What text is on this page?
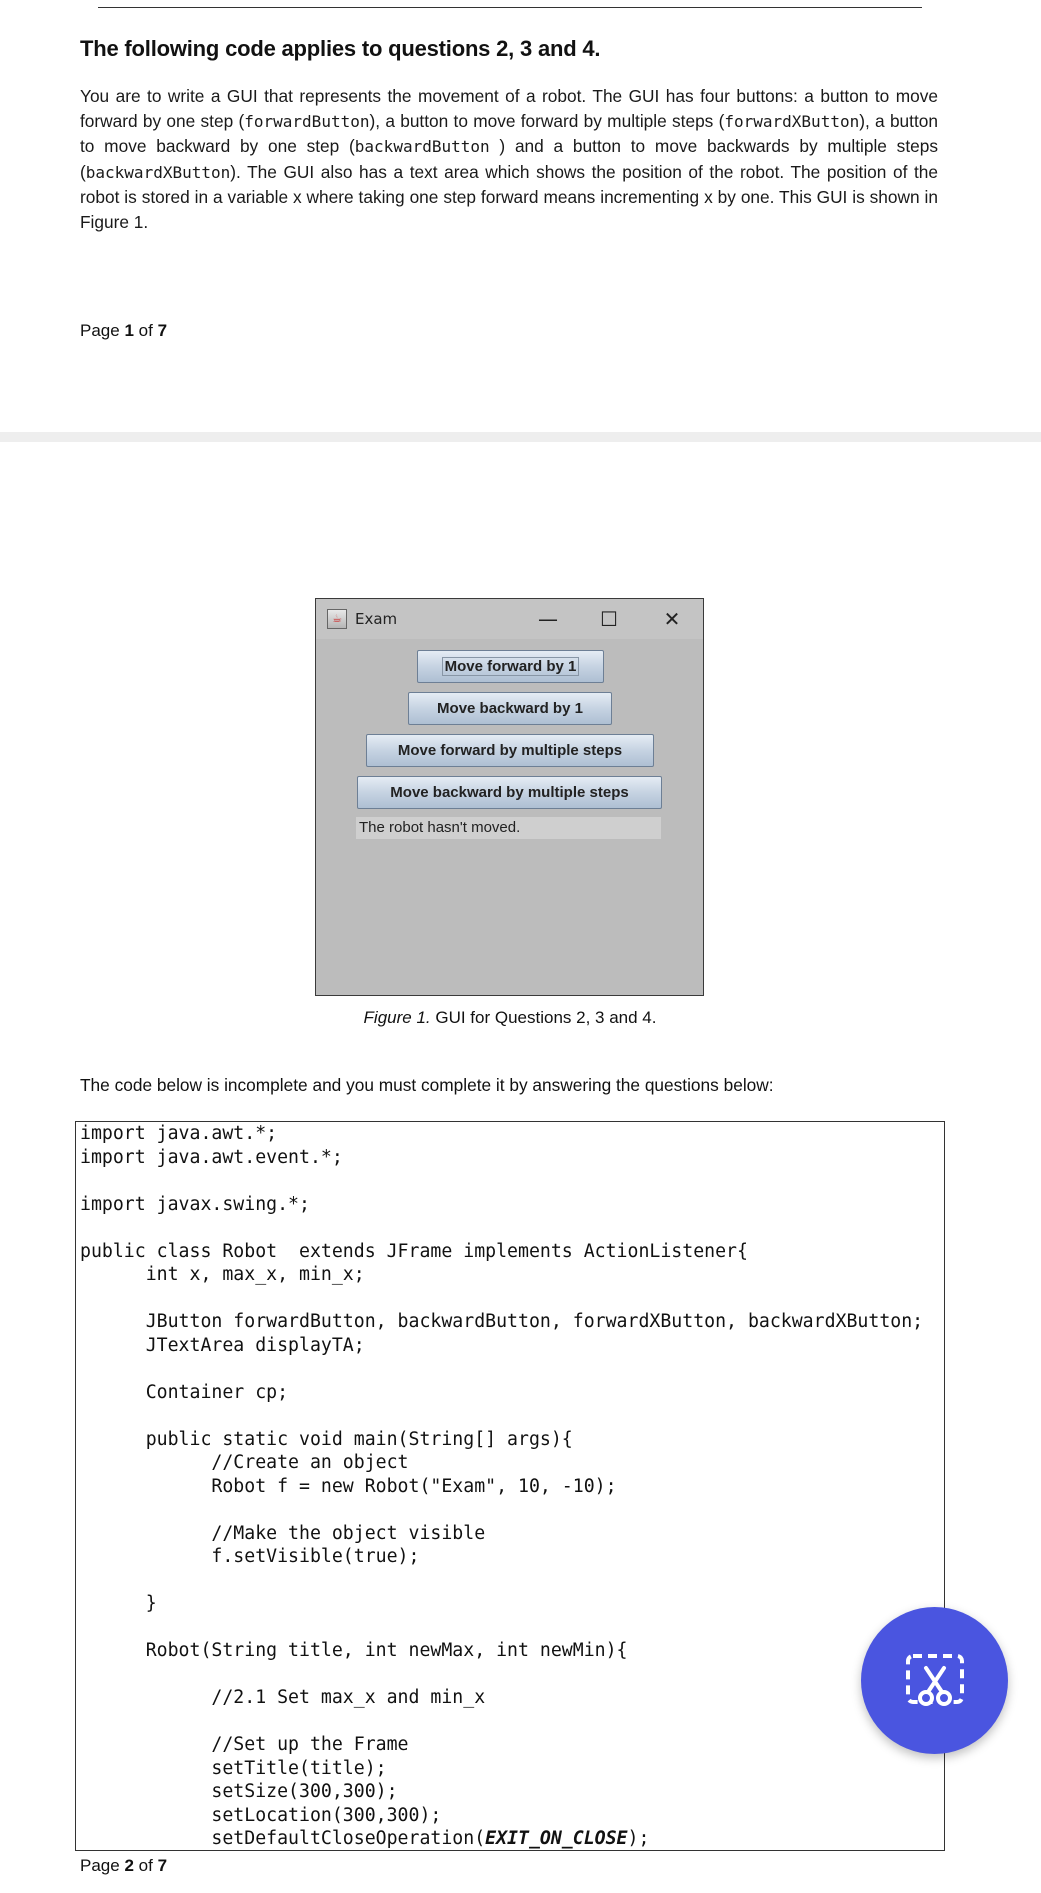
The following code applies to questions 2, 3 and 4.

You are to write a GUI that represents the movement of a robot. The GUI has four buttons: a button to move forward by one step (forwardButton), a button to move forward by multiple steps (forwardXButton), a button to move backward by one step (backwardButton ) and a button to move backwards by multiple steps (backwardXButton). The GUI also has a text area which shows the position of the robot. The position of the robot is stored in a variable x where taking one step forward means incrementing x by one. This GUI is shown in Figure 1.

Page 1 of 7
☕ Exam	— ☐ ✕
Move forward by 1
Move backward by 1
Move forward by multiple steps
Move backward by multiple steps
The robot hasn't moved.
Figure 1. GUI for Questions 2, 3 and 4.
The code below is incomplete and you must complete it by answering the questions below:
import java.awt.*;
import java.awt.event.*;

import javax.swing.*;

public class Robot  extends JFrame implements ActionListener{
int x, max_x, min_x;

JButton forwardButton, backwardButton, forwardXButton, backwardXButton;
JTextArea displayTA;

Container cp;

public static void main(String[] args){
//Create an object
Robot f = new Robot("Exam", 10, -10);

//Make the object visible
f.setVisible(true);

}

Robot(String title, int newMax, int newMin){

//2.1 Set max_x and min_x

//Set up the Frame
setTitle(title);
setSize(300,300);
setLocation(300,300);
setDefaultCloseOperation(EXIT_ON_CLOSE);
Page 2 of 7
